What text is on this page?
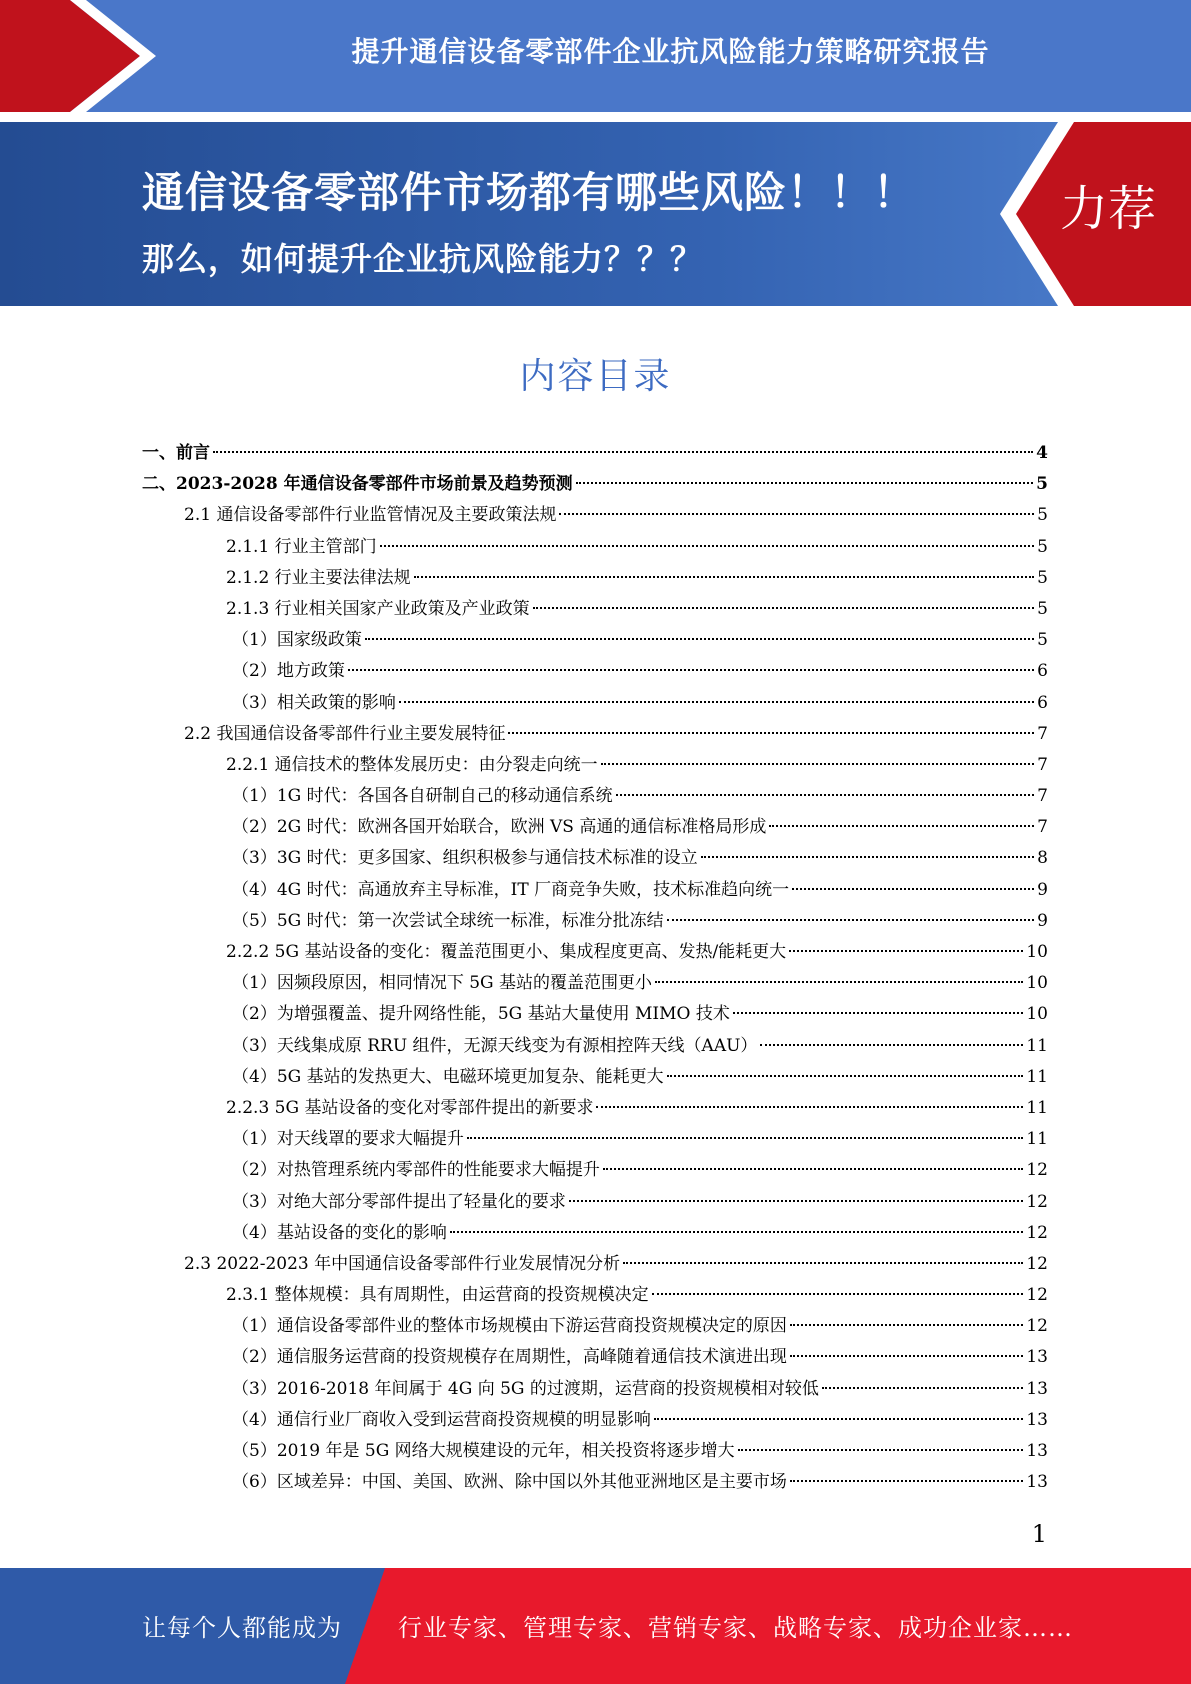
提升通信设备零部件企业抗风险能力策略研究报告
通信设备零部件市场都有哪些风险！！！
那么，如何提升企业抗风险能力？？？
力荐
内容目录
一、前言	4
二、2023-2028 年通信设备零部件市场前景及趋势预测	5
2.1 通信设备零部件行业监管情况及主要政策法规	5
2.1.1 行业主管部门	5
2.1.2 行业主要法律法规	5
2.1.3 行业相关国家产业政策及产业政策	5
（1）国家级政策	5
（2）地方政策	6
（3）相关政策的影响	6
2.2 我国通信设备零部件行业主要发展特征	7
2.2.1 通信技术的整体发展历史：由分裂走向统一	7
（1）1G 时代：各国各自研制自己的移动通信系统	7
（2）2G 时代：欧洲各国开始联合，欧洲 VS 高通的通信标准格局形成	7
（3）3G 时代：更多国家、组织积极参与通信技术标准的设立	8
（4）4G 时代：高通放弃主导标准，IT 厂商竞争失败，技术标准趋向统一	9
（5）5G 时代：第一次尝试全球统一标准，标准分批冻结	9
2.2.2 5G 基站设备的变化：覆盖范围更小、集成程度更高、发热/能耗更大	10
（1）因频段原因，相同情况下 5G 基站的覆盖范围更小	10
（2）为增强覆盖、提升网络性能，5G 基站大量使用 MIMO 技术	10
（3）天线集成原 RRU 组件，无源天线变为有源相控阵天线（AAU）	11
（4）5G 基站的发热更大、电磁环境更加复杂、能耗更大	11
2.2.3 5G 基站设备的变化对零部件提出的新要求	11
（1）对天线罩的要求大幅提升	11
（2）对热管理系统内零部件的性能要求大幅提升	12
（3）对绝大部分零部件提出了轻量化的要求	12
（4）基站设备的变化的影响	12
2.3 2022-2023 年中国通信设备零部件行业发展情况分析	12
2.3.1 整体规模：具有周期性，由运营商的投资规模决定	12
（1）通信设备零部件业的整体市场规模由下游运营商投资规模决定的原因	12
（2）通信服务运营商的投资规模存在周期性，高峰随着通信技术演进出现	13
（3）2016-2018 年间属于 4G 向 5G 的过渡期，运营商的投资规模相对较低	13
（4）通信行业厂商收入受到运营商投资规模的明显影响	13
（5）2019 年是 5G 网络大规模建设的元年，相关投资将逐步增大	13
（6）区域差异：中国、美国、欧洲、除中国以外其他亚洲地区是主要市场	13
1
让每个人都能成为 行业专家、管理专家、营销专家、战略专家、成功企业家……
